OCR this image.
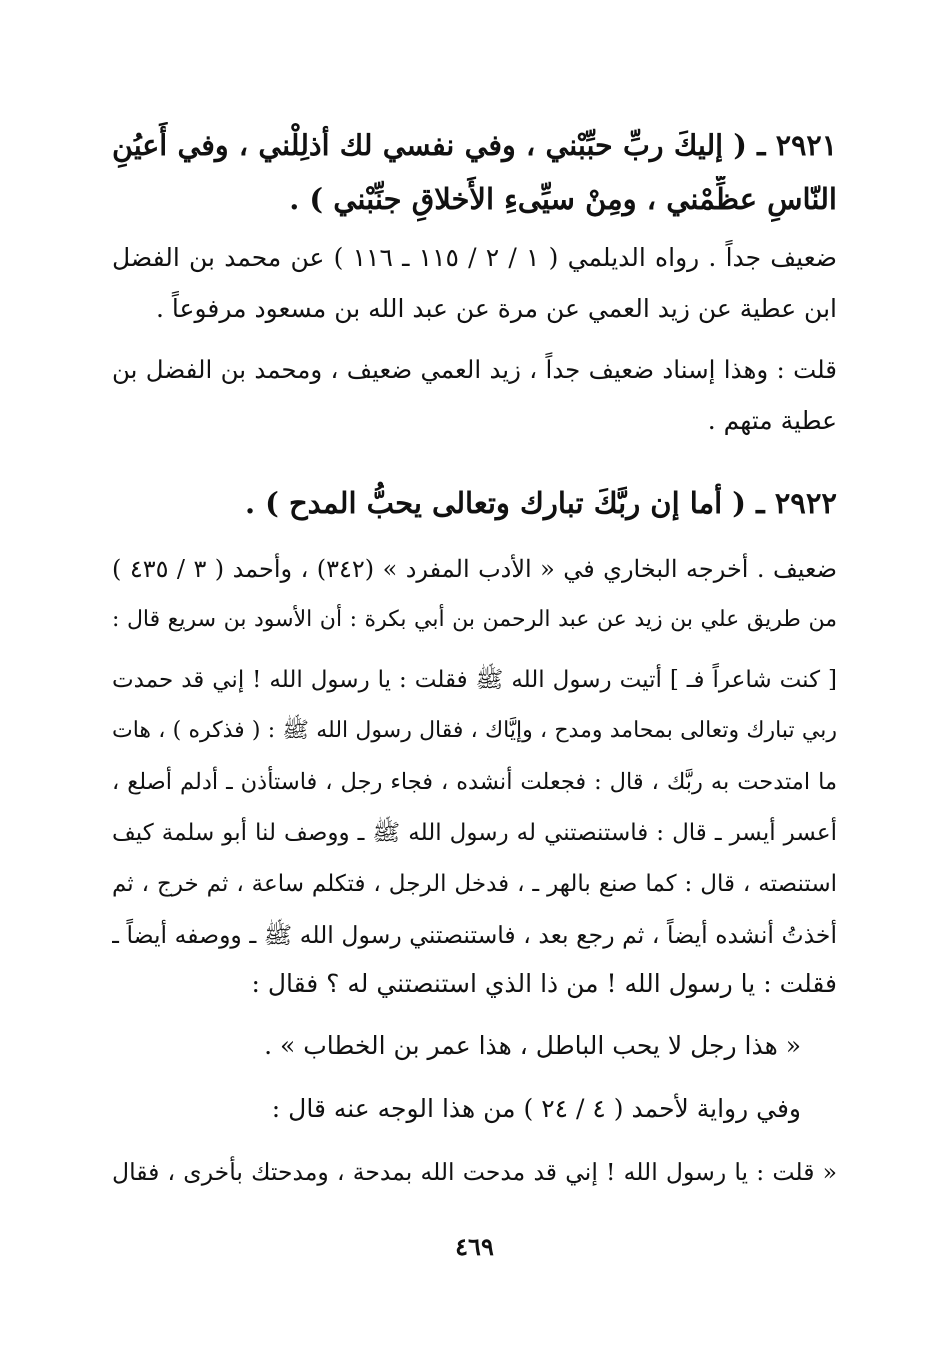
٢٩٢١ ـ ( إليكَ ربِّ حبِّبْني ، وفي نفسي لك أذلِلْني ، وفي أَعيُنِ
النّاسِ عظِّمْني ، ومِنْ سيِّىءِ الأَخلاقِ جنِّبْني ) .
ضعيف جداً . رواه الديلمي ( ١ / ٢ / ١١٥ ـ ١١٦ ) عن محمد بن الفضل
ابن عطية عن زيد العمي عن مرة عن عبد الله بن مسعود مرفوعاً .
قلت : وهذا إسناد ضعيف جداً ، زيد العمي ضعيف ، ومحمد بن الفضل بن
عطية متهم .
٢٩٢٢ ـ ( أما إن ربَّكَ تبارك وتعالى يحبُّ المدح ) .
ضعيف . أخرجه البخاري في « الأدب المفرد » (٣٤٢) ، وأحمد ( ٣ / ٤٣٥ )
من طريق علي بن زيد عن عبد الرحمن بن أبي بكرة : أن الأسود بن سريع قال :
[ كنت شاعراً فـ ] أتيت رسول الله ﷺ فقلت : يا رسول الله ! إني قد حمدت
ربي تبارك وتعالى بمحامد ومدح ، وإيَّاك ، فقال رسول الله ﷺ : ( فذكره ) ، هات
ما امتدحت به ربَّك ، قال : فجعلت أنشده ، فجاء رجل ، فاستأذن ـ أدلم أصلع ،
أعسر أيسر ـ قال : فاستنصتني له رسول الله ﷺ ـ ووصف لنا أبو سلمة كيف
استنصته ، قال : كما صنع بالهر ـ ، فدخل الرجل ، فتكلم ساعة ، ثم خرج ، ثم
أخذتُ أنشده أيضاً ، ثم رجع بعد ، فاستنصتني رسول الله ﷺ ـ ووصفه أيضاً ـ
فقلت : يا رسول الله ! من ذا الذي استنصتني له ؟ فقال :
« هذا رجل لا يحب الباطل ، هذا عمر بن الخطاب » .
وفي رواية لأحمد ( ٤ / ٢٤ ) من هذا الوجه عنه قال :
« قلت : يا رسول الله ! إني قد مدحت الله بمدحة ، ومدحتك بأخرى ، فقال
٤٦٩
